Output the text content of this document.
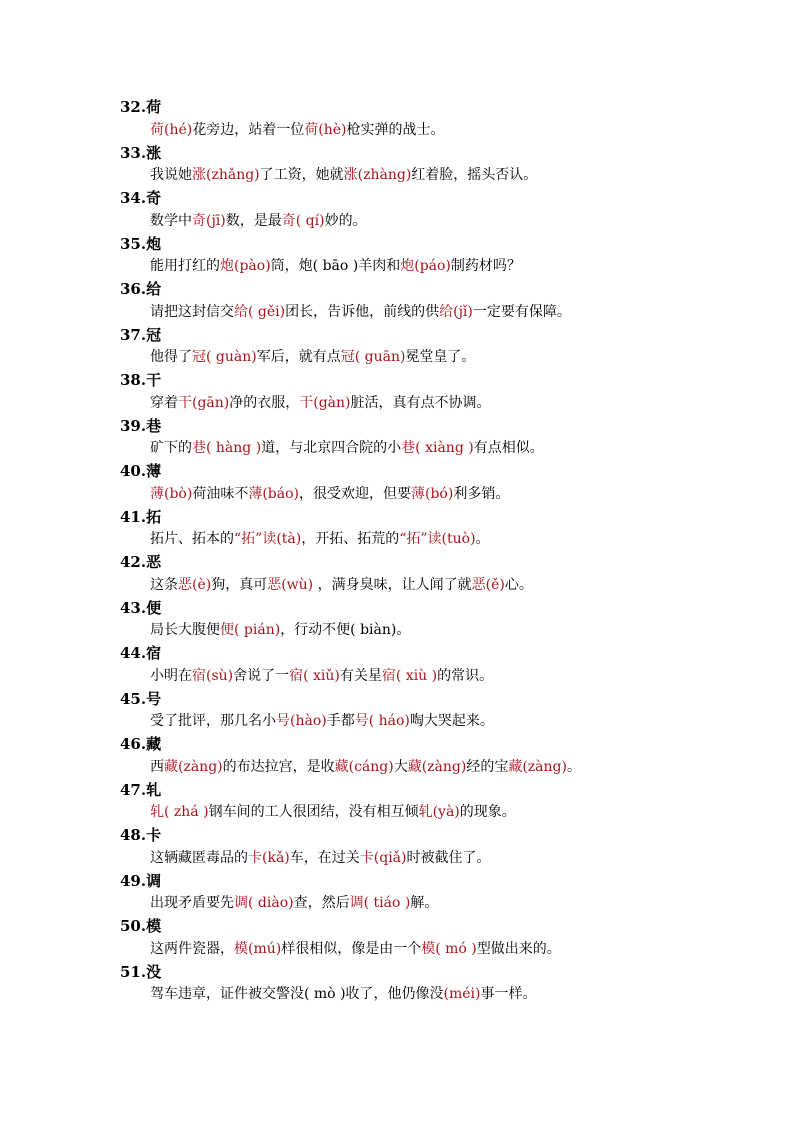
32.荷
荷(hé)花旁边，站着一位荷(hè)枪实弹的战士。
33.涨
我说她涨(zhǎng)了工资，她就涨(zhàng)红着脸，摇头否认。
34.奇
数学中奇(jī)数，是最奇( qí)妙的。
35.炮
能用打红的炮(pào)筒，炮( bāo )羊肉和炮(páo)制药材吗？
36.给
请把这封信交给( gěi)团长，告诉他，前线的供给(jǐ)一定要有保障。
37.冠
他得了冠( guàn)军后，就有点冠( guān)冕堂皇了。
38.干
穿着干(gān)净的衣服，干(gàn)脏活，真有点不协调。
39.巷
矿下的巷( hàng )道，与北京四合院的小巷( xiàng )有点相似。
40.薄
薄(bò)荷油味不薄(báo)，很受欢迎，但要薄(bó)利多销。
41.拓
拓片、拓本的“拓”读(tà)，开拓、拓荒的“拓”读(tuò)。
42.恶
这条恶(è)狗，真可恶(wù) ，满身臭味，让人闻了就恶(ě)心。
43.便
局长大腹便便( pián)，行动不便( biàn)。
44.宿
小明在宿(sù)舍说了一宿( xiǔ)有关星宿( xiù )的常识。
45.号
受了批评，那几名小号(hào)手都号( háo)啕大哭起来。
46.藏
西藏(zàng)的布达拉宫，是收藏(cáng)大藏(zàng)经的宝藏(zàng)。
47.轧
轧( zhá )钢车间的工人很团结，没有相互倾轧(yà)的现象。
48.卡
这辆藏匿毒品的卡(kǎ)车，在过关卡(qiǎ)时被截住了。
49.调
出现矛盾要先调( diào)查，然后调( tiáo )解。
50.模
这两件瓷器，模(mú)样很相似，像是由一个模( mó )型做出来的。
51.没
驾车违章，证件被交警没( mò )收了，他仍像没(méi)事一样。
